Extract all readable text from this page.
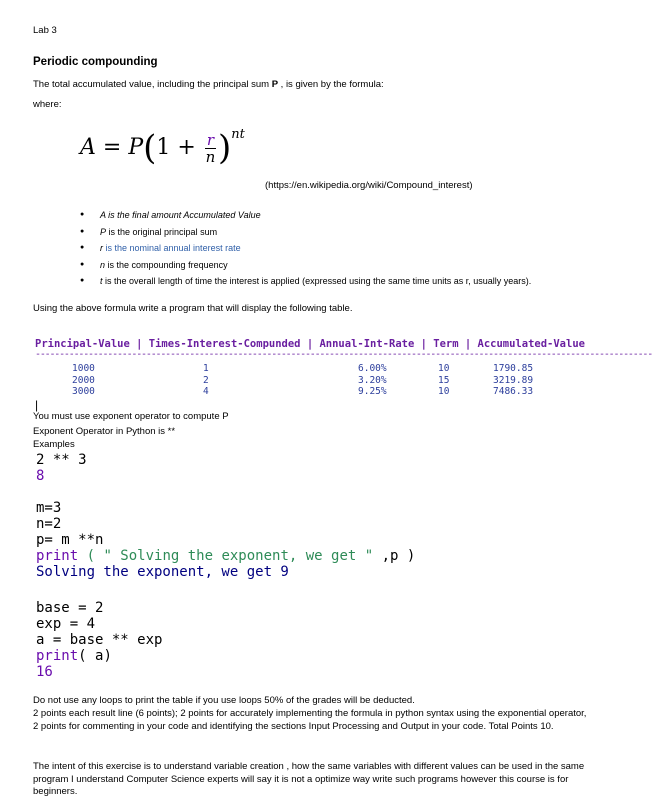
Lab 3
Periodic compounding
The total accumulated value, including the principal sum P , is given by the formula:
where:
$A = P(1 + \frac{r}{n} )^{nt}$
(https://en.wikipedia.org/wiki/Compound_interest)
● A is the final amount Accumulated Value
● P is the original principal sum
● r is the nominal annual interest rate
● n is the compounding frequency
● t is the overall length of time the interest is applied (expressed using the same time units as r, usually years).
Using the above formula write a program that will display the following table.
Principal-Value | Times-Interest-Compunded | Annual-Int-Rate | Term | Accumulated-Value
--------------------------------------------------------------------------------------------------------------------------------
1000	1	6.00%	10	1790.85
2000	2	3.20%	15	3219.89
3000	4	9.25%	10	7486.33
|
You must use exponent operator to compute P
Exponent Operator in Python is **
Examples
2 ** 3
8
m=3
n=2
p= m **n
print ( " Solving the exponent, we get " ,p )
Solving the exponent, we get 9
base = 2
exp = 4
a = base ** exp
print( a)
16
Do not use any loops to print the table if you use loops 50% of the grades will be deducted.
2 points each result line (6 points); 2 points for accurately implementing the formula in python syntax using the exponential operator, 2 points for commenting in your code and identifying the sections Input Processing and Output in your code. Total Points 10.
The intent of this exercise is to understand variable creation , how the same variables with different values can be used in the same program I understand Computer Science experts will say it is not a optimize way write such programs however this course is for beginners.
